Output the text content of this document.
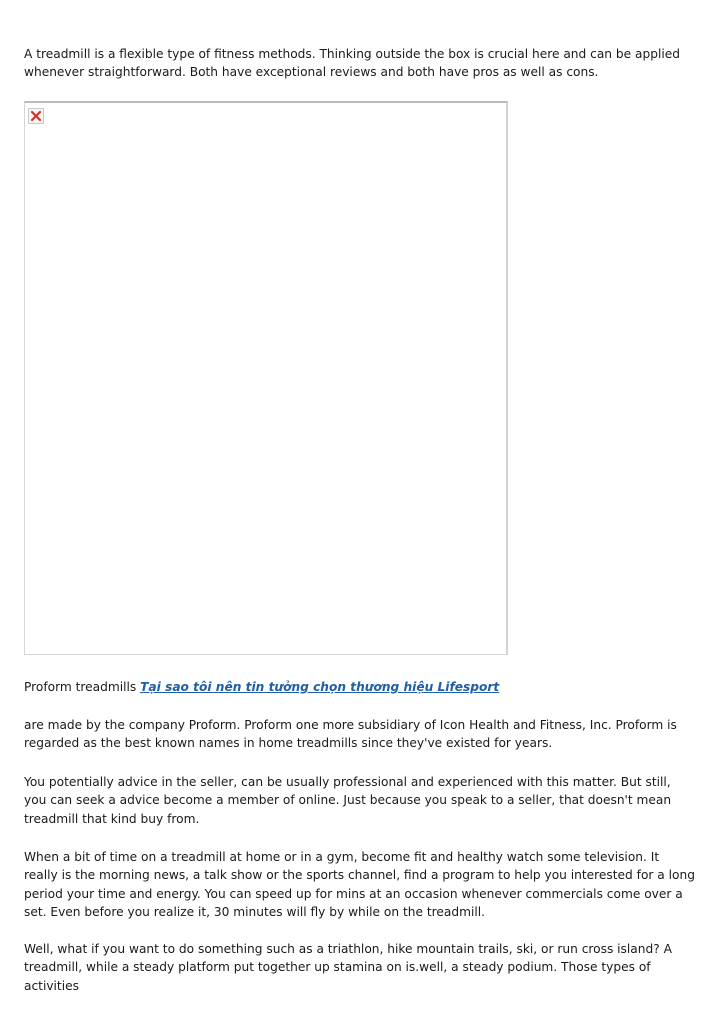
A treadmill is a flexible type of fitness methods. Thinking outside the box is crucial here and can be applied whenever straightforward. Both have exceptional reviews and both have pros as well as cons.

Proform treadmills Tại sao tôi nên tin tưởng chọn thương hiệu Lifesport

are made by the company Proform. Proform one more subsidiary of Icon Health and Fitness, Inc. Proform is regarded as the best known names in home treadmills since they've existed for years.

You potentially advice in the seller, can be usually professional and experienced with this matter. But still, you can seek a advice become a member of online. Just because you speak to a seller, that doesn't mean treadmill that kind buy from.

When a bit of time on a treadmill at home or in a gym, become fit and healthy watch some television. It really is the morning news, a talk show or the sports channel, find a program to help you interested for a long period your time and energy. You can speed up for mins at an occasion whenever commercials come over a set. Even before you realize it, 30 minutes will fly by while on the treadmill.

Well, what if you want to do something such as a triathlon, hike mountain trails, ski, or run cross island? A treadmill, while a steady platform put together up stamina on is.well, a steady podium. Those types of activities
